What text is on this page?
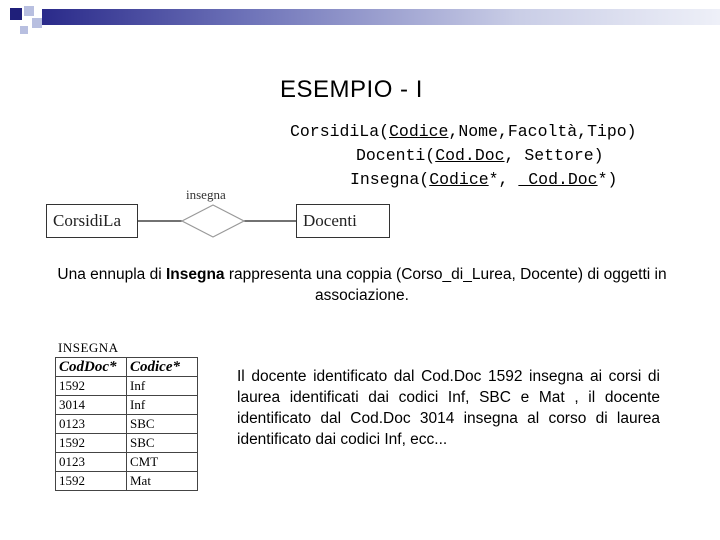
ESEMPIO - I
CorsidiLa(Codice,Nome,Facoltà,Tipo)
Docenti(Cod.Doc, Settore)
Insegna(Codice*,  Cod.Doc*)
insegna
CorsidiLa	Docenti
Una ennupla di Insegna rappresenta una coppia (Corso_di_Lurea, Docente) di oggetti in associazione.
INSEGNA
CodDoc*	Codice*
1592	Inf
3014	Inf
0123	SBC
1592	SBC
0123	CMT
1592	Mat
Il docente identificato dal Cod.Doc 1592 insegna ai corsi di laurea identificati dai codici Inf, SBC e Mat , il docente identificato dal Cod.Doc 3014 insegna al corso di laurea identificato dai codici Inf, ecc...
